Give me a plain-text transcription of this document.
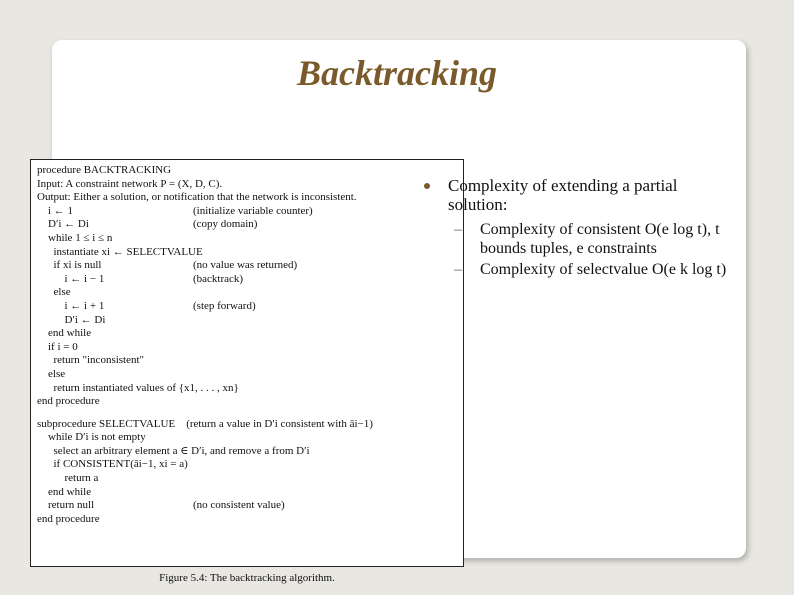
Backtracking
procedure BACKTRACKING
Input: A constraint network P = (X, D, C).
Output: Either a solution, or notification that the network is inconsistent.
i ← 1	(initialize variable counter)
D′i ← Di	(copy domain)
while 1 ≤ i ≤ n
instantiate xi ← SELECTVALUE
if xi is null	(no value was returned)
i ← i − 1	(backtrack)
else
i ← i + 1	(step forward)
D′i ← Di
end while
if i = 0
return "inconsistent"
else
return instantiated values of {x1, . . . , xn}
end procedure
subprocedure SELECTVALUE    (return a value in D′i consistent with āi−1)
while D′i is not empty
select an arbitrary element a ∈ D′i, and remove a from D′i
if CONSISTENT(āi−1, xi = a)
return a
end while
return null	(no consistent value)
end procedure
Figure 5.4: The backtracking algorithm.
Complexity of extending a partial solution:
– Complexity of consistent O(e log t), t bounds tuples, e constraints
– Complexity of selectvalue O(e k log t)
